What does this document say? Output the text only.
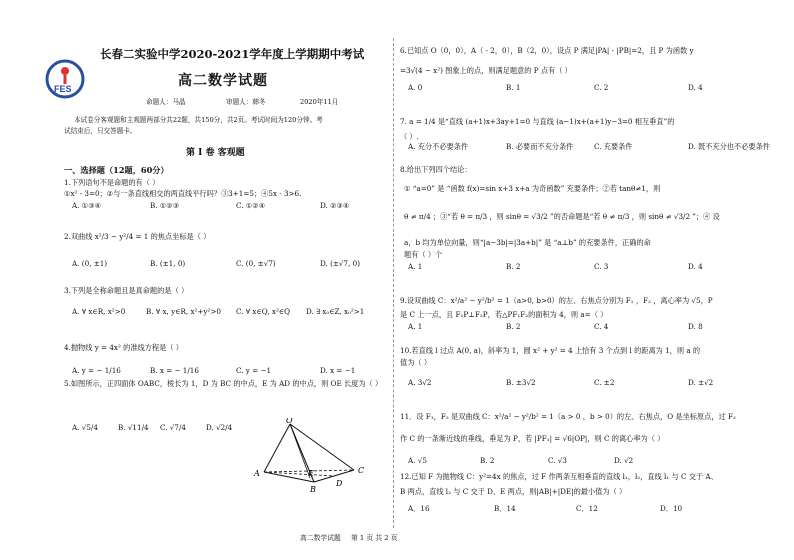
FES
长春二实验中学2020-2021学年度上学期期中考试
高二数学试题
命题人：马晶	审题人：韩冬	2020年11月
本试卷分客观题和主观题两部分共22题，共150分，共2页。考试时间为120分钟。考
试结束后，只交答题卡。
第 Ⅰ 卷 客观题
一、选择题（12题，60分）
1.下列语句不是命题的有（ ）
①x² - 3=0；②与一条直线相交的两直线平行吗？③3+1=5；④5x - 3>6.
A. ①③④	B. ①②③	C. ①②④	D. ②③④
2.双曲线 x²/3 − y²/4 = 1 的焦点坐标是（ ）
A. (0, ±1)	B. (±1, 0)	C. (0, ±√7)	D. (±√7, 0)
3.下列是全称命题且是真命题的是（ ）
A. ∀ x∈R, x²>0	B. ∀ x, y∈R, x²+y²>0 C. ∀ x∈Q, x²∈Q D. ∃ x₀∈Z, x₀²>1
4.抛物线 y = 4x² 的准线方程是（ ）
A. y = − 1/16	B. x = − 1/16	C. y = −1	D. x = −1
5.如图所示，正四面体 OABC，棱长为 1，D 为 BC 的中点，E 为 AD 的中点，则 OE 长度为（ ）
A. √5/4	B. √11/4 C. √7/4	D. √2/4
O
A
B
C
D
E
6.已知点 O（0，0），A（ - 2，0），B（2，0），设点 P 满足|PA| - |PB|=2，且 P 为函数 y
=3√(4 − x²) 图象上的点，则满足题意的 P 点有（ ）
A. 0	B. 1	C. 2	D. 4
7. a = 1/4 是“直线 (a+1)x+3ay+1=0 与直线 (a−1)x+(a+1)y−3=0 相互垂直”的
（ ）.
A. 充分不必要条件	B. 必要而不充分条件	C. 充要条件	D. 既不充分也不必要条件
8.给出下列四个结论：
① “a=0” 是 “函数 f(x)=sin x+3 x+a 为奇函数” 充要条件；②若 tanθ≠1，则
θ ≠ π/4 ；③“若 θ = π/3 ，则 sinθ = √3/2 ”的否命题是“若 θ ≠ π/3 ，则 sinθ ≠ √3/2 ”；④ 设
a，b 均为单位向量，则“|a−3b|=|3a+b|” 是 “a⊥b” 的充要条件，正确的命
题有（ ）个
A. 1	B. 2	C. 3	D. 4
9.设双曲线 C：x²/a² − y²/b² = 1（a>0, b>0）的左、右焦点分别为 F₁ ，F₂ ，离心率为 √5，P
是 C 上一点，且 F₁P⊥F₂P，若△PF₁F₂的面积为 4，则 a=（ ）
A. 1	B. 2	C. 4	D. 8
10.若直线 l 过点 A(0, a)，斜率为 1，圆 x² + y² = 4 上恰有 3 个点到 l 的距离为 1，则 a 的
值为（ ）
A. 3√2	B. ±3√2	C. ±2	D. ±√2
11．设 F₁，F₂ 是双曲线 C：x²/a² − y²/b² = 1（a > 0 ，b > 0）的左、右焦点，O 是坐标原点，过 F₂
作 C 的一条渐近线的垂线，垂足为 P，若 |PF₁| = √6|OP|，则 C 的离心率为（ ）
A. √5	B. 2	C. √3	D. √2
12.已知 F 为抛物线 C：y²=4x 的焦点，过 F 作两条互相垂直的直线 l₁，l₂，直线 l₁ 与 C 交于 A、
B 两点，直线 l₂ 与 C 交于 D、E 两点，则|AB|+|DE|的最小值为（ ）
A．16	B．14	C．12	D．10
高二数学试题 第 1 页 共 2 页
